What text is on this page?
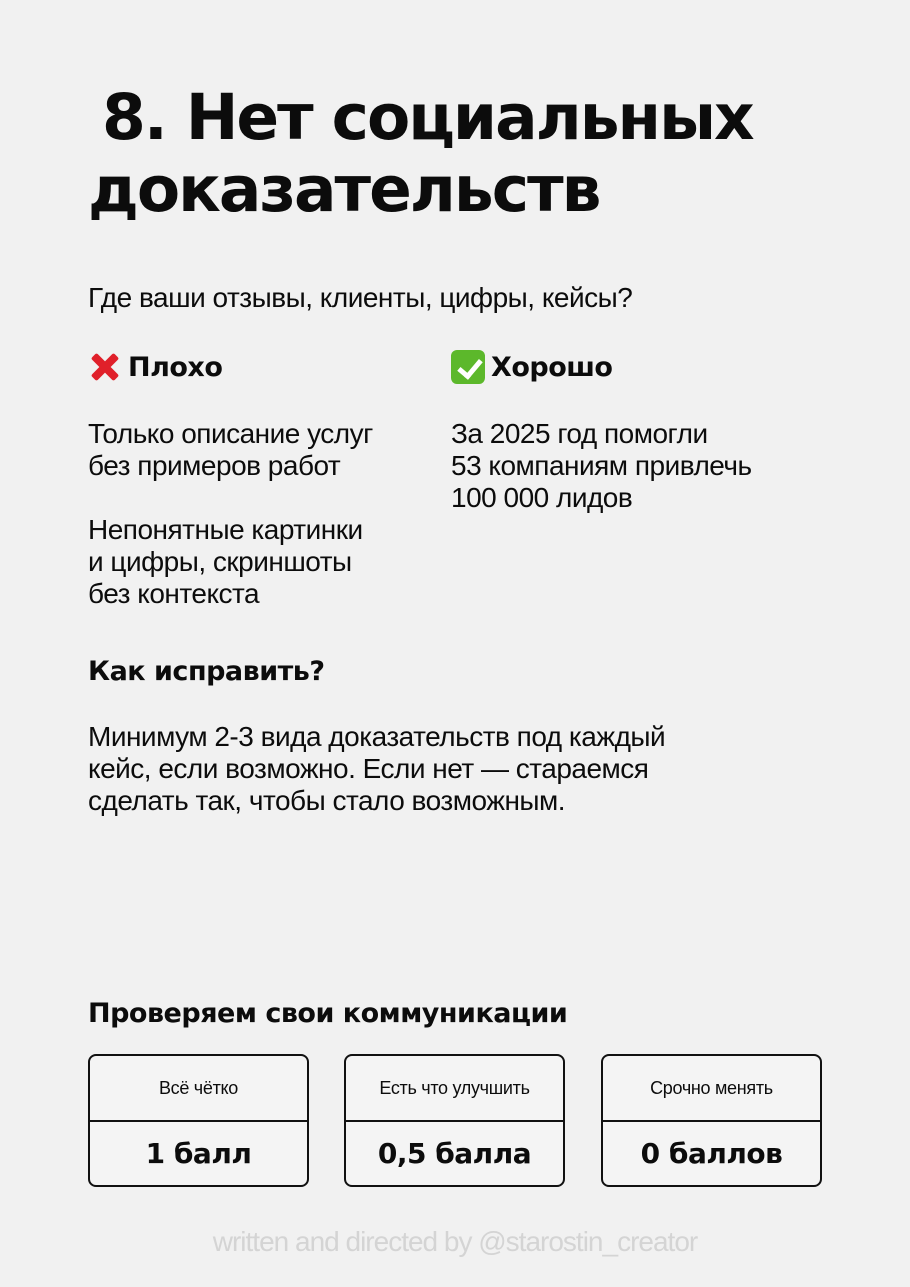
8. Нет социальных
доказательств

Где ваши отзывы, клиенты, цифры, кейсы?

Плохо	Хорошо
Только описание услуг
без примеров работ
Непонятные картинки
и цифры, скриншоты
без контекста
За 2025 год помогли
53 компаниям привлечь
100 000 лидов
Как исправить?
Минимум 2-3 вида доказательств под каждый
кейс, если возможно. Если нет — стараемся
сделать так, чтобы стало возможным.
Проверяем свои коммуникации
Всё чётко
1 балл
Есть что улучшить
0,5 балла
Срочно менять
0 баллов
written and directed by @starostin_creator
